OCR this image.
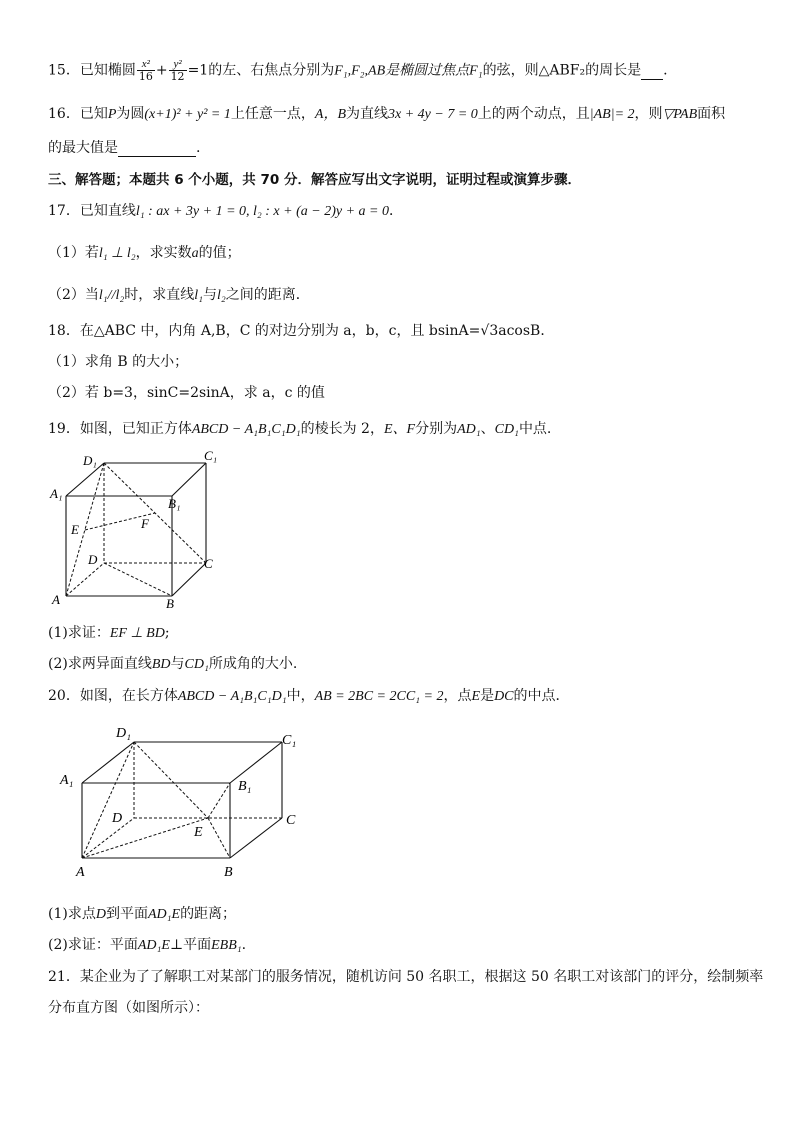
15．已知椭圆 $\frac{\text{x²}}{16} + \frac{\text{y²}}{12} =1$的左、右焦点分别为F₁,F₂,AB是椭圆过焦点F₁的弦，则△ABF₂的周长是 .
16．已知P为圆(x+1)² + y² = 1上任意一点，A，B为直线3x + 4y − 7 = 0上的两个动点，且|AB|= 2，则▽PAB面积
的最大值是	.
三、解答题；本题共 6 个小题，共 70 分．解答应写出文字说明，证明过程或演算步骤．
17．已知直线l₁ : ax + 3y + 1 = 0, l₂ : x + (a − 2)y + a = 0．
（1）若l₁ ⊥ l₂，求实数a的值；
（2）当l₁//l₂时，求直线l₁与l₂之间的距离．
18．在△ABC 中，内角 A,B，C 的对边分别为 a，b，c，且 bsinA=√3acosB．
（1）求角 B 的大小；
（2）若 b=3，sinC=2sinA，求 a，c 的值
19．如图，已知正方体ABCD − A₁B₁C₁D₁的棱长为 2，E、F分别为AD₁、CD₁中点.
D₁	C₁
A₁
B₁
E	F
D	C
A	B
(1)求证：EF ⊥ BD;
(2)求两异面直线BD与CD₁所成角的大小.
20．如图，在长方体ABCD − A₁B₁C₁D₁中，AB = 2BC = 2CC₁ = 2，点E是DC的中点．
D₁	C₁
A₁	B₁
D
E
C
A	B
(1)求点D到平面AD₁E的距离；
(2)求证：平面AD₁E⊥平面EBB₁.
21．某企业为了了解职工对某部门的服务情况，随机访问 50 名职工，根据这 50 名职工对该部门的评分，绘制频率
分布直方图（如图所示）：
